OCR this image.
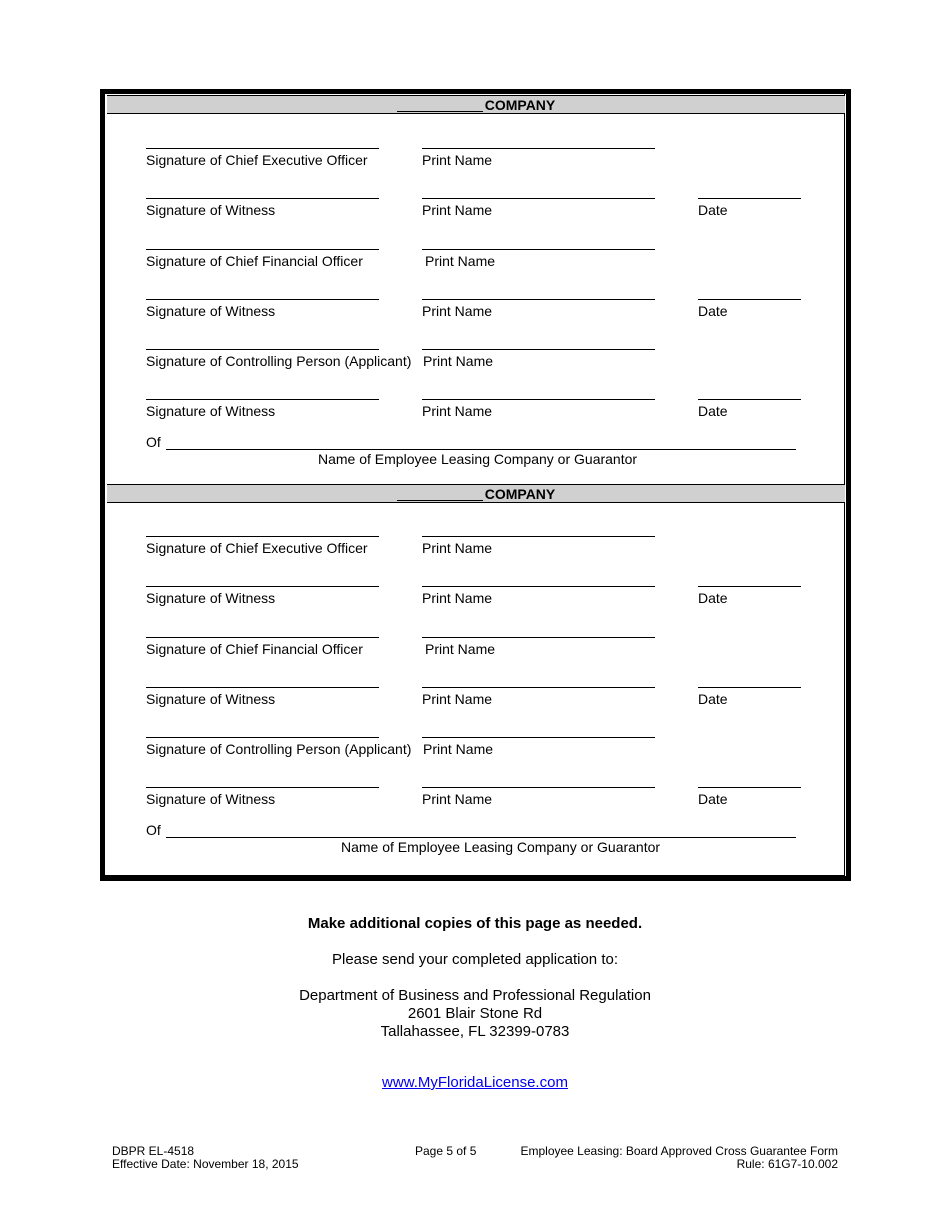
COMPANY
Signature of Chief Executive Officer	Print Name
Signature of Witness	Print Name	Date
Signature of Chief Financial Officer	Print Name
Signature of Witness	Print Name	Date
Signature of Controlling Person (Applicant) Print Name
Signature of Witness	Print Name	Date
Of
Name of Employee Leasing Company or Guarantor
COMPANY
Signature of Chief Executive Officer	Print Name
Signature of Witness	Print Name	Date
Signature of Chief Financial Officer	Print Name
Signature of Witness	Print Name	Date
Signature of Controlling Person (Applicant) Print Name
Signature of Witness	Print Name	Date
Of
Name of Employee Leasing Company or Guarantor
Make additional copies of this page as needed.
Please send your completed application to:
Department of Business and Professional Regulation
2601 Blair Stone Rd
Tallahassee, FL 32399-0783
www.MyFloridaLicense.com
DBPR EL-4518
Effective Date: November 18, 2015
Page 5 of 5	Employee Leasing: Board Approved Cross Guarantee Form
Rule: 61G7-10.002
